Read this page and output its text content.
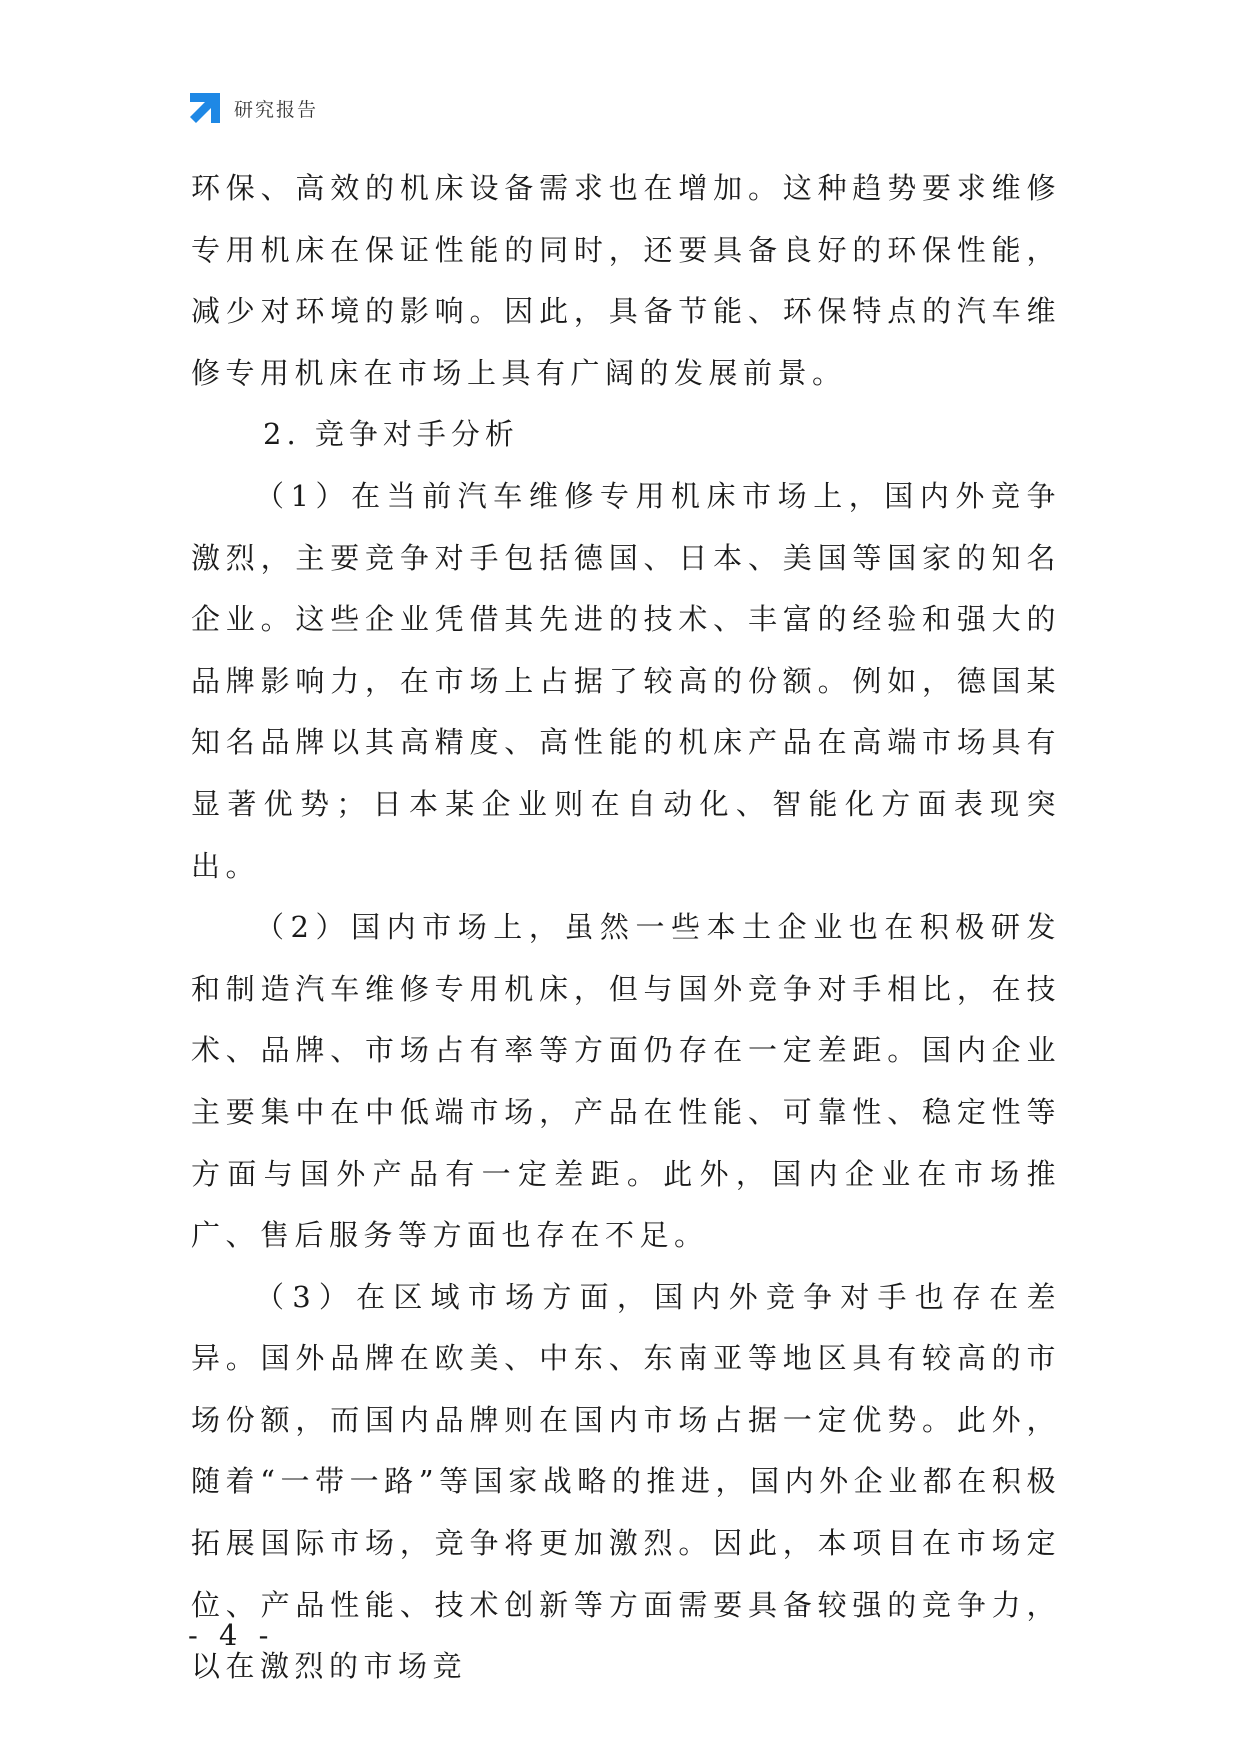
研究报告

环保、高效的机床设备需求也在增加。这种趋势要求维修专用机床在保证性能的同时，还要具备良好的环保性能，减少对环境的影响。因此，具备节能、环保特点的汽车维修专用机床在市场上具有广阔的发展前景。

2. 竞争对手分析

（1）在当前汽车维修专用机床市场上，国内外竞争激烈，主要竞争对手包括德国、日本、美国等国家的知名企业。这些企业凭借其先进的技术、丰富的经验和强大的品牌影响力，在市场上占据了较高的份额。例如，德国某知名品牌以其高精度、高性能的机床产品在高端市场具有显著优势；日本某企业则在自动化、智能化方面表现突出。

（2）国内市场上，虽然一些本土企业也在积极研发和制造汽车维修专用机床，但与国外竞争对手相比，在技术、品牌、市场占有率等方面仍存在一定差距。国内企业主要集中在中低端市场，产品在性能、可靠性、稳定性等方面与国外产品有一定差距。此外，国内企业在市场推广、售后服务等方面也存在不足。

（3）在区域市场方面，国内外竞争对手也存在差异。国外品牌在欧美、中东、东南亚等地区具有较高的市场份额，而国内品牌则在国内市场占据一定优势。此外，随着“一带一路”等国家战略的推进，国内外企业都在积极拓展国际市场，竞争将更加激烈。因此，本项目在市场定位、产品性能、技术创新等方面需要具备较强的竞争力，以在激烈的市场竞

- 4 -
